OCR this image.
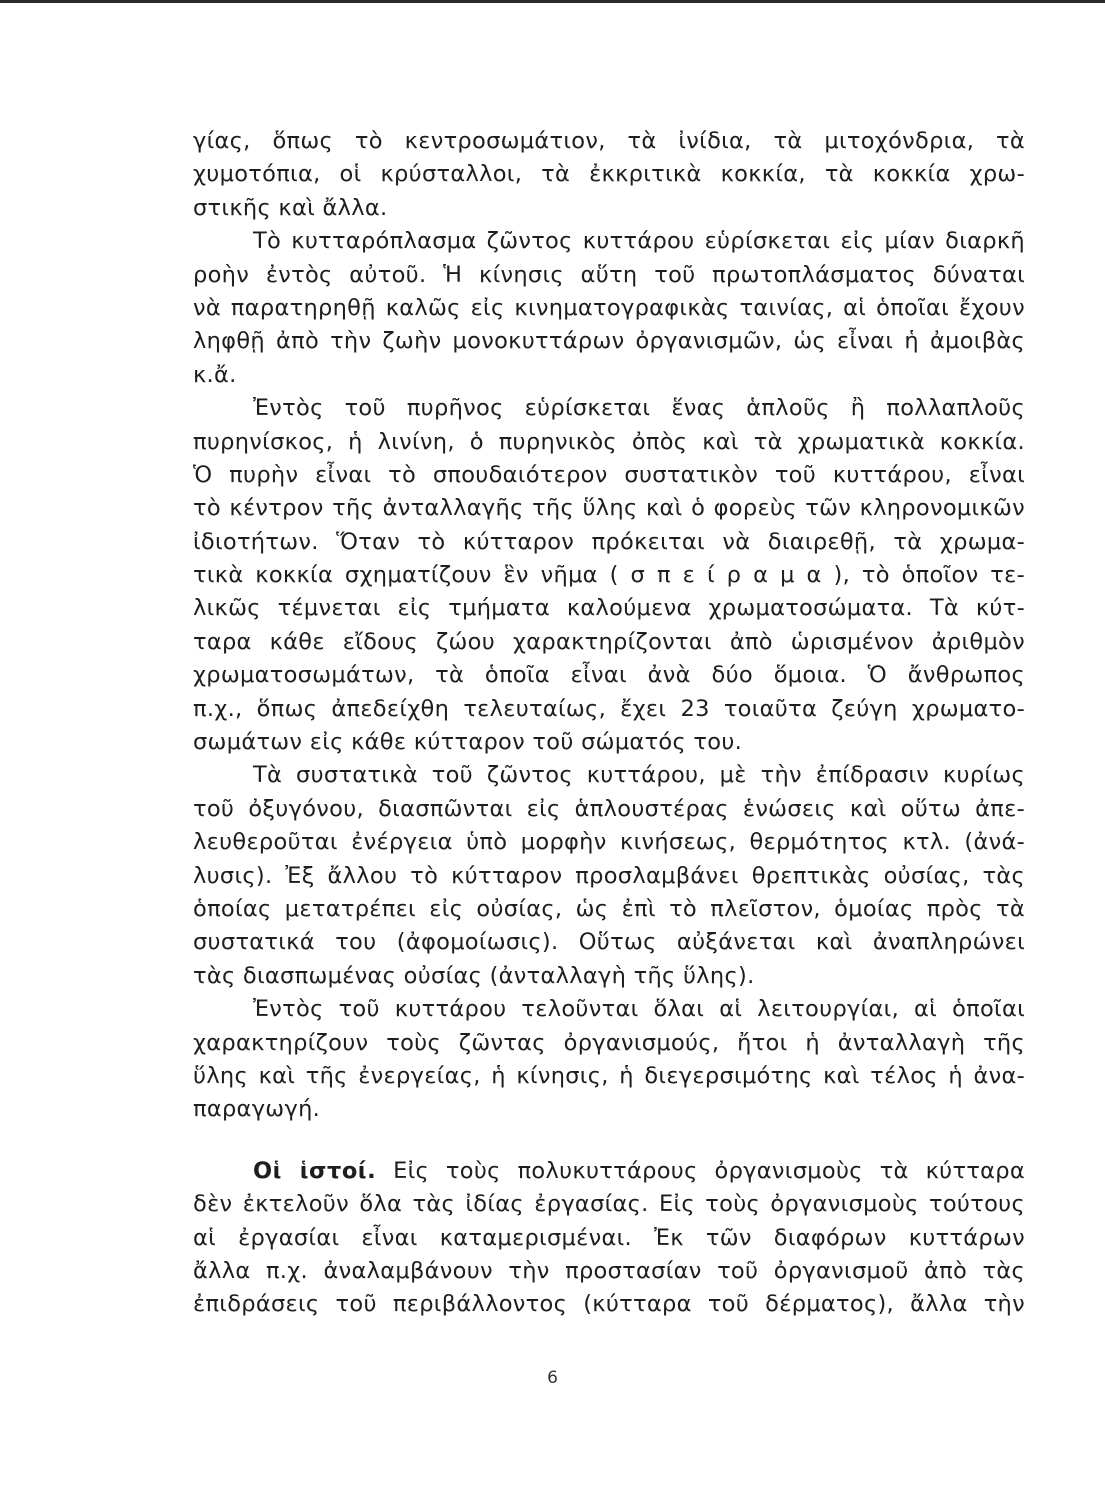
γίας, ὅπως τὸ κεντροσωμάτιον, τὰ ἰνίδια, τὰ μιτοχόνδρια, τὰ
χυμοτόπια, οἱ κρύσταλλοι, τὰ ἐκκριτικὰ κοκκία, τὰ κοκκία χρω-
στικῆς καὶ ἄλλα.
Τὸ κυτταρόπλασμα ζῶντος κυττάρου εὑρίσκεται εἰς μίαν διαρκῆ
ροὴν ἐντὸς αὐτοῦ. Ἡ κίνησις αὕτη τοῦ πρωτοπλάσματος δύναται
νὰ παρατηρηθῇ καλῶς εἰς κινηματογραφικὰς ταινίας, αἱ ὁποῖαι ἔχουν
ληφθῇ ἀπὸ τὴν ζωὴν μονοκυττάρων ὀργανισμῶν, ὡς εἶναι ἡ ἀμοιβὰς
κ.ἄ.
Ἐντὸς τοῦ πυρῆνος εὑρίσκεται ἕνας ἁπλοῦς ἢ πολλαπλοῦς
πυρηνίσκος, ἡ λινίνη, ὁ πυρηνικὸς ὀπὸς καὶ τὰ χρωματικὰ κοκκία.
Ὁ πυρὴν εἶναι τὸ σπουδαιότερον συστατικὸν τοῦ κυττάρου, εἶναι
τὸ κέντρον τῆς ἀνταλλαγῆς τῆς ὕλης καὶ ὁ φορεὺς τῶν κληρονομικῶν
ἰδιοτήτων. Ὅταν τὸ κύτταρον πρόκειται νὰ διαιρεθῇ, τὰ χρωμα-
τικὰ κοκκία σχηματίζουν ἓν νῆμα ( σ π ε ί ρ α μ α ), τὸ ὁποῖον τε-
λικῶς τέμνεται εἰς τμήματα καλούμενα χρωματοσώματα. Τὰ κύτ-
ταρα κάθε εἴδους ζώου χαρακτηρίζονται ἀπὸ ὡρισμένον ἀριθμὸν
χρωματοσωμάτων, τὰ ὁποῖα εἶναι ἀνὰ δύο ὅμοια. Ὁ ἄνθρωπος
π.χ., ὅπως ἀπεδείχθη τελευταίως, ἔχει 23 τοιαῦτα ζεύγη χρωματο-
σωμάτων εἰς κάθε κύτταρον τοῦ σώματός του.
Τὰ συστατικὰ τοῦ ζῶντος κυττάρου, μὲ τὴν ἐπίδρασιν κυρίως
τοῦ ὀξυγόνου, διασπῶνται εἰς ἁπλουστέρας ἑνώσεις καὶ οὕτω ἀπε-
λευθεροῦται ἐνέργεια ὑπὸ μορφὴν κινήσεως, θερμότητος κτλ. (ἀνά-
λυσις). Ἐξ ἄλλου τὸ κύτταρον προσλαμβάνει θρεπτικὰς οὐσίας, τὰς
ὁποίας μετατρέπει εἰς οὐσίας, ὡς ἐπὶ τὸ πλεῖστον, ὁμοίας πρὸς τὰ
συστατικά του (ἀφομοίωσις). Οὕτως αὐξάνεται καὶ ἀναπληρώνει
τὰς διασπωμένας οὐσίας (ἀνταλλαγὴ τῆς ὕλης).
Ἐντὸς τοῦ κυττάρου τελοῦνται ὅλαι αἱ λειτουργίαι, αἱ ὁποῖαι
χαρακτηρίζουν τοὺς ζῶντας ὀργανισμούς, ἤτοι ἡ ἀνταλλαγὴ τῆς
ὕλης καὶ τῆς ἐνεργείας, ἡ κίνησις, ἡ διεγερσιμότης καὶ τέλος ἡ ἀνα-
παραγωγή.
Οἱ ἱστοί. Εἰς τοὺς πολυκυττάρους ὀργανισμοὺς τὰ κύτταρα
δὲν ἐκτελοῦν ὅλα τὰς ἰδίας ἐργασίας. Εἰς τοὺς ὀργανισμοὺς τούτους
αἱ ἐργασίαι εἶναι καταμερισμέναι. Ἐκ τῶν διαφόρων κυττάρων
ἄλλα π.χ. ἀναλαμβάνουν τὴν προστασίαν τοῦ ὀργανισμοῦ ἀπὸ τὰς
ἐπιδράσεις τοῦ περιβάλλοντος (κύτταρα τοῦ δέρματος), ἄλλα τὴν
6
